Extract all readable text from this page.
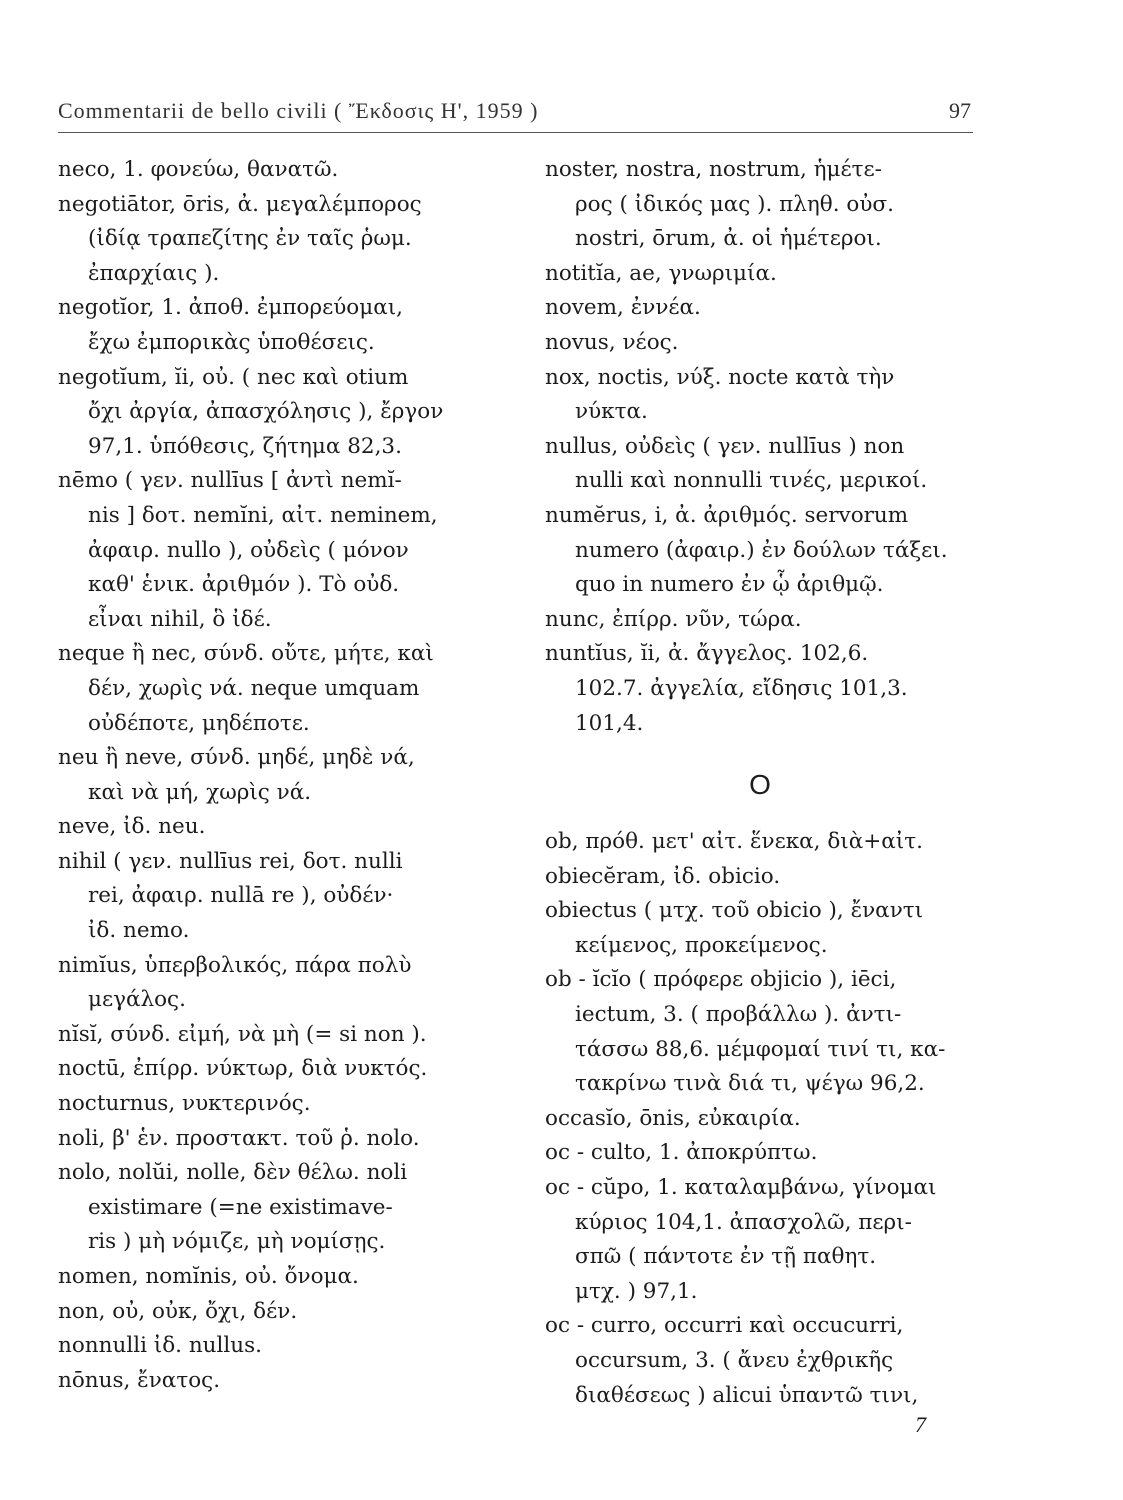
Commentarii de bello civili ( Ἔκδοσις Η', 1959 )	97
neco, 1. φονεύω, θανατῶ.
negotiātor, ōris, ἀ. μεγαλέμπορος
(ἰδίᾳ τραπεζίτης ἐν ταῖς ῥωμ.
ἐπαρχίαις ).
negotĭor, 1. ἀποθ. ἐμπορεύομαι,
ἔχω ἐμπορικὰς ὑποθέσεις.
negotĭum, ĭi, οὐ. ( nec καὶ otium
ὄχι ἀργία, ἀπασχόλησις ), ἔργον
97,1. ὑπόθεσις, ζήτημα 82,3.
nēmo ( γεν. nullīus [ ἀντὶ nemĭ-
nis ] δοτ. nemĭni, αἰτ. neminem,
ἀφαιρ. nullo ), οὐδεὶς ( μόνον
καθ' ἑνικ. ἀριθμόν ). Τὸ οὐδ.
εἶναι nihil, ὃ ἰδέ.
neque ἢ nec, σύνδ. οὔτε, μήτε, καὶ
δέν, χωρὶς νά. neque umquam
οὐδέποτε, μηδέποτε.
neu ἢ neve, σύνδ. μηδέ, μηδὲ νά,
καὶ νὰ μή, χωρὶς νά.
neve, ἰδ. neu.
nihil ( γεν. nullīus rei, δοτ. nulli
rei, ἀφαιρ. nullā re ), οὐδέν·
ἰδ. nemo.
nimĭus, ὑπερβολικός, πάρα πολὺ
μεγάλος.
nĭsĭ, σύνδ. εἰμή, νὰ μὴ (= si non ).
noctū, ἐπίρρ. νύκτωρ, διὰ νυκτός.
nocturnus, νυκτερινός.
noli, β' ἑν. προστακτ. τοῦ ῥ. nolo.
nolo, nolŭi, nolle, δὲν θέλω. noli
existimare (=ne existimave-
ris ) μὴ νόμιζε, μὴ νομίσῃς.
nomen, nomĭnis, οὐ. ὄνομα.
non, οὐ, οὐκ, ὄχι, δέν.
nonnulli ἰδ. nullus.
nōnus, ἔνατος.
noster, nostra, nostrum, ἡμέτε-
ρος ( ἰδικός μας ). πληθ. οὐσ.
nostri, ōrum, ἀ. οἱ ἡμέτεροι.
notitĭa, ae, γνωριμία.
novem, ἐννέα.
novus, νέος.
nox, noctis, νύξ. nocte κατὰ τὴν
νύκτα.
nullus, οὐδεὶς ( γεν. nullīus ) non
nulli καὶ nonnulli τινές, μερικοί.
numĕrus, i, ἀ. ἀριθμός. servorum
numero (ἀφαιρ.) ἐν δούλων τάξει.
quo in numero ἐν ᾧ ἀριθμῷ.
nunc, ἐπίρρ. νῦν, τώρα.
nuntĭus, ĭi, ἀ. ἄγγελος. 102,6.
102.7. ἀγγελία, εἴδησις 101,3.
101,4.
O
ob, πρόθ. μετ' αἰτ. ἕνεκα, διὰ+αἰτ.
obiecĕram, ἰδ. obicio.
obiectus ( μτχ. τοῦ obicio ), ἔναντι
κείμενος, προκείμενος.
ob - ĭcĭo ( πρόφερε objicio ), iēci,
iectum, 3. ( προβάλλω ). ἀντι-
τάσσω 88,6. μέμφομαί τινί τι, κα-
τακρίνω τινὰ διά τι, ψέγω 96,2.
occasĭo, ōnis, εὐκαιρία.
oc - culto, 1. ἀποκρύπτω.
oc - cŭpo, 1. καταλαμβάνω, γίνομαι
κύριος 104,1. ἀπασχολῶ, περι-
σπῶ ( πάντοτε ἐν τῇ παθητ.
μτχ. ) 97,1.
oc - curro, occurri καὶ occucurri,
occursum, 3. ( ἄνευ ἐχθρικῆς
διαθέσεως ) alicui ὑπαντῶ τινι,
7
